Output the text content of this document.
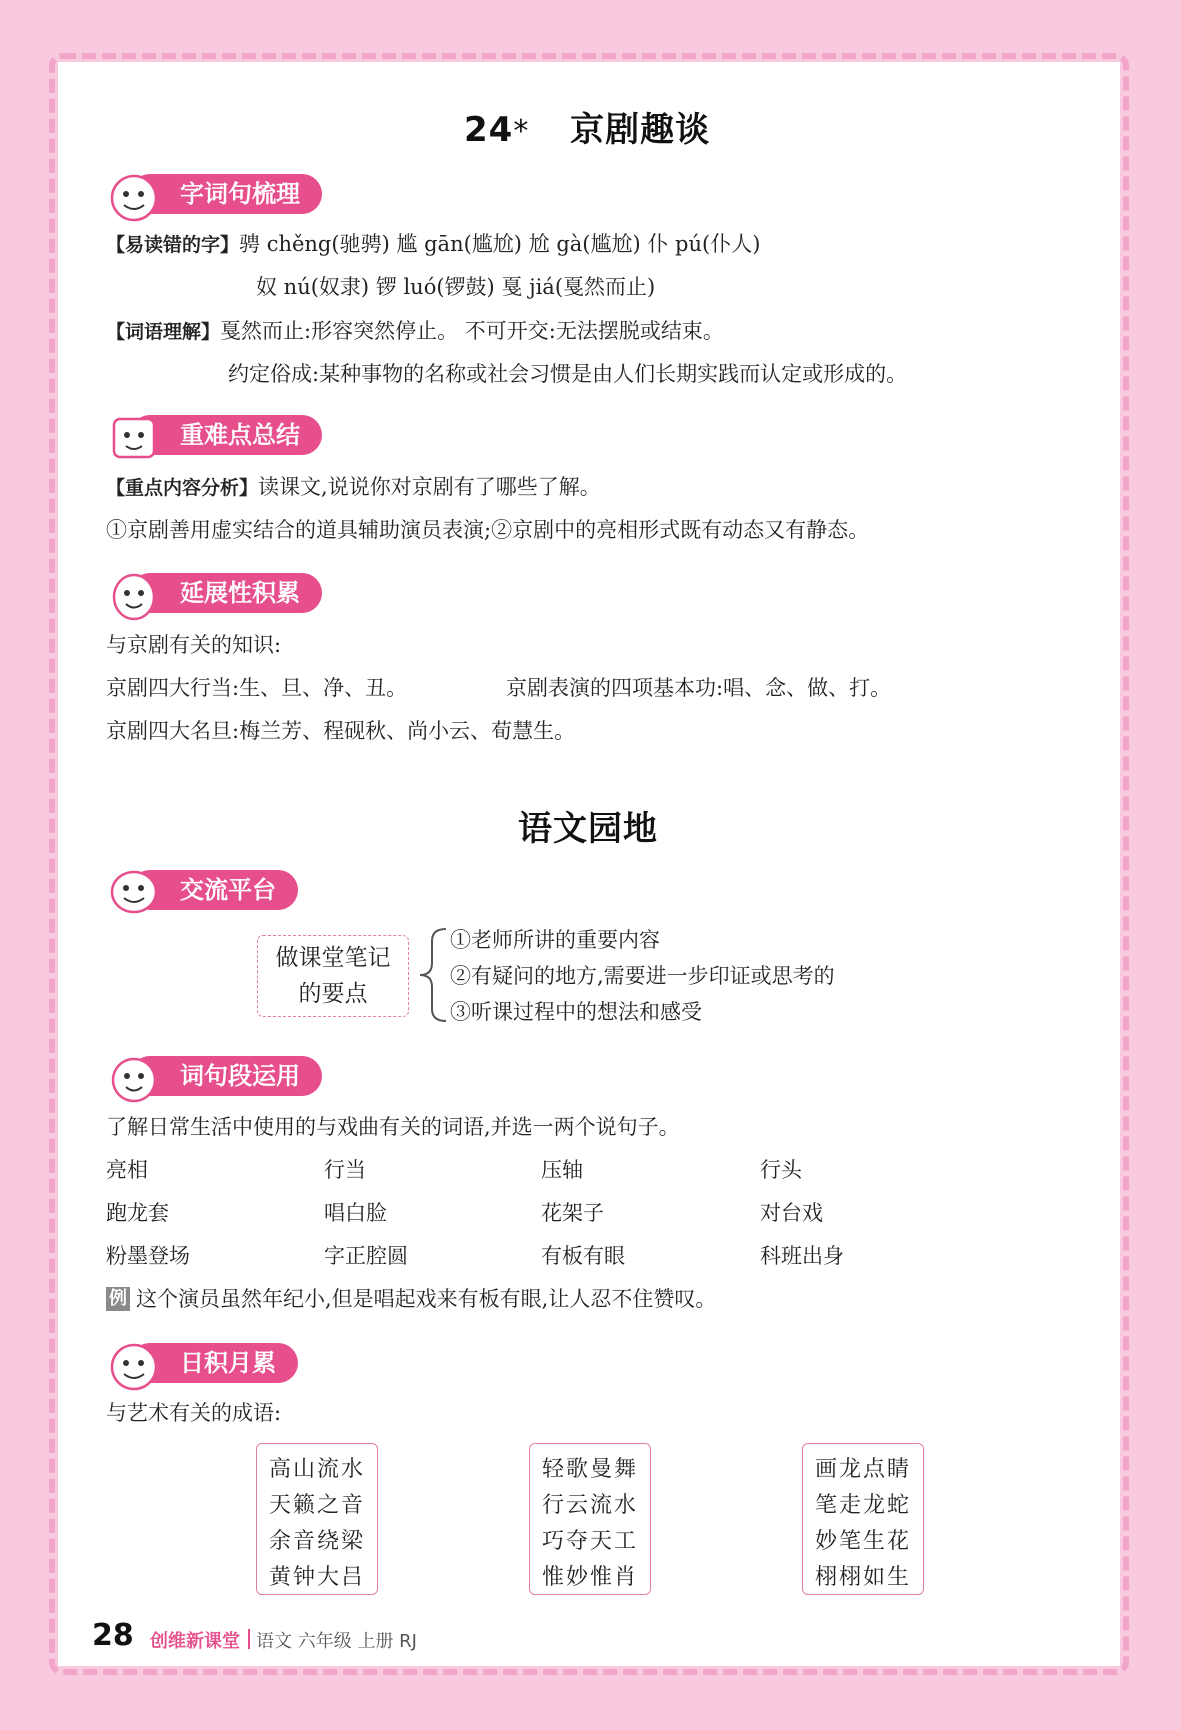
24* 京剧趣谈
字词句梳理
【易读错的字】骋 chěng(驰骋) 尴 gān(尴尬) 尬 gà(尴尬) 仆 pú(仆人)
奴 nú(奴隶) 锣 luó(锣鼓) 戛 jiá(戛然而止)
【词语理解】戛然而止:形容突然停止。 不可开交:无法摆脱或结束。
约定俗成:某种事物的名称或社会习惯是由人们长期实践而认定或形成的。
重难点总结
【重点内容分析】读课文,说说你对京剧有了哪些了解。
①京剧善用虚实结合的道具辅助演员表演;②京剧中的亮相形式既有动态又有静态。
延展性积累
与京剧有关的知识:
京剧四大行当:生、旦、净、丑。	京剧表演的四项基本功:唱、念、做、打。
京剧四大名旦:梅兰芳、程砚秋、尚小云、荀慧生。
语文园地
交流平台
做课堂笔记
的要点
①老师所讲的重要内容
②有疑问的地方,需要进一步印证或思考的
③听课过程中的想法和感受
词句段运用
了解日常生活中使用的与戏曲有关的词语,并选一两个说句子。
亮相	行当	压轴	行头
跑龙套	唱白脸	花架子	对台戏
粉墨登场	字正腔圆	有板有眼	科班出身
例 这个演员虽然年纪小,但是唱起戏来有板有眼,让人忍不住赞叹。
日积月累
与艺术有关的成语:
高山流水
天籁之音
余音绕梁
黄钟大吕
轻歌曼舞
行云流水
巧夺天工
惟妙惟肖
画龙点睛
笔走龙蛇
妙笔生花
栩栩如生
28 创维新课堂 语文 六年级 上册 RJ
